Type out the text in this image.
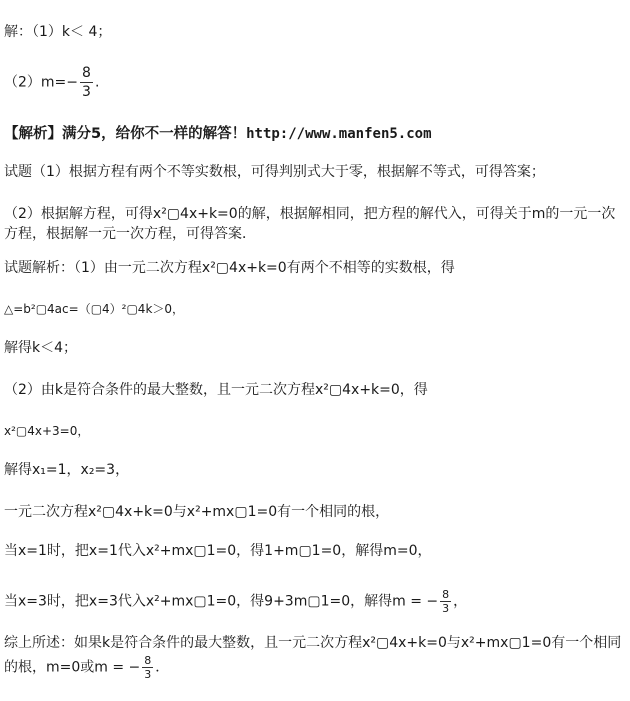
解：（1）k＜ 4；
$(2)m=- \frac{8}{3}$ .
【解析】满分5，给你不一样的解答！http://www.manfen5.com
试题（1）根据方程有两个不等实数根，可得判别式大于零，根据解不等式，可得答案；
（2）根据解方程，可得x²▢4x+k=0的解，根据解相同，把方程的解代入，可得关于m的一元一次方程，根据解一元一次方程，可得答案．
试题解析：（1）由一元二次方程x²▢4x+k=0有两个不相等的实数根，得
△=b²▢4ac=（▢4）²▢4k＞0，
解得k＜4；
（2）由k是符合条件的最大整数，且一元二次方程x²▢4x+k=0，得
x²▢4x+3=0，
解得x₁=1，x₂=3，
一元二次方程x²▢4x+k=0与x²+mx▢1=0有一个相同的根，
当x=1时，把x=1代入x²+mx▢1=0，得1+m▢1=0，解得m=0，
当x=3时，把x=3代入x²+mx▢1=0，得9+3m▢1=0，解得m = − $\frac{8}{3}$ ，
综上所述：如果k是符合条件的最大整数，且一元二次方程x²▢4x+k=0与x²+mx▢1=0有一个相同的根，m=0或m = − $\frac{8}{3}$ ．
